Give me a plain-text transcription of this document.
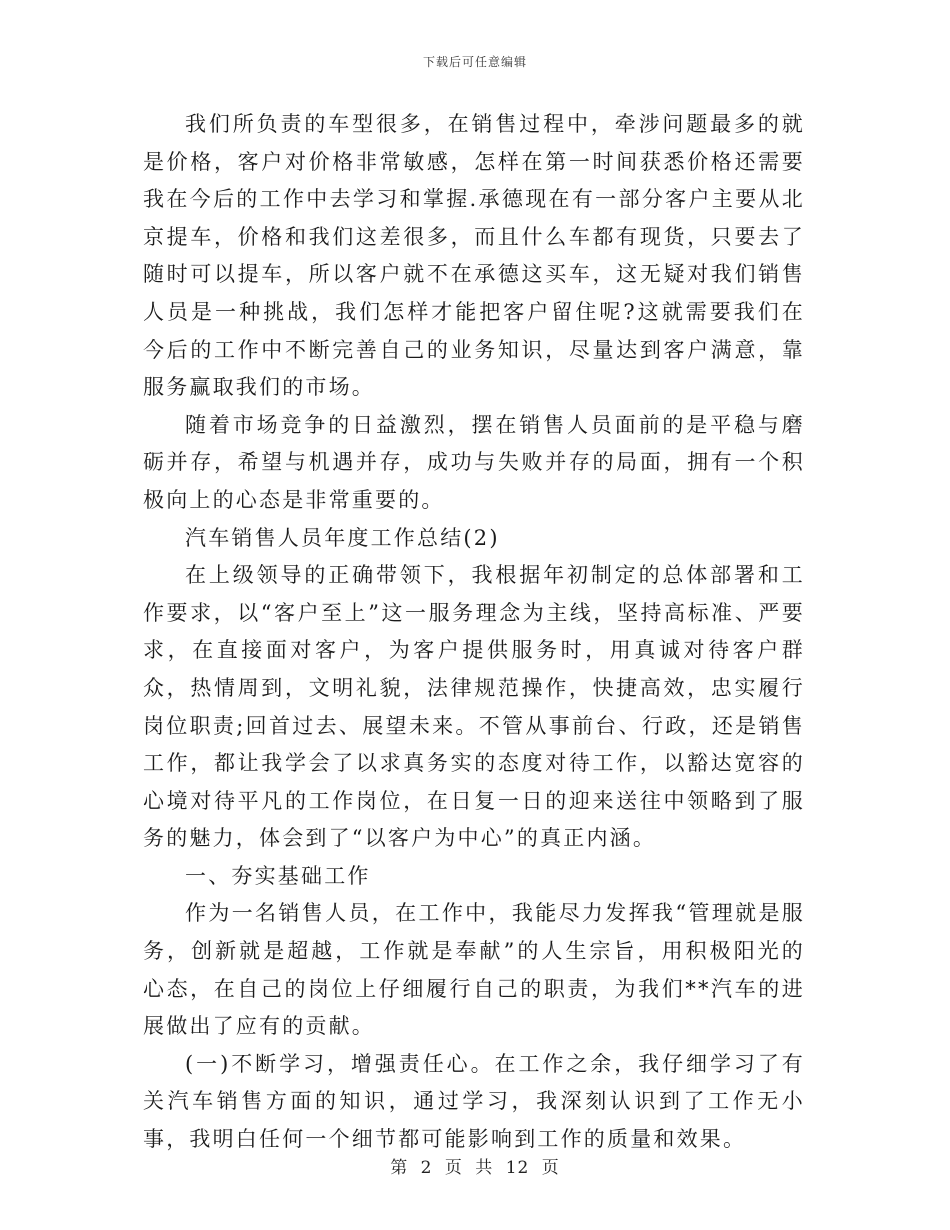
下载后可任意编辑

我们所负责的车型很多，在销售过程中，牵涉问题最多的就是价格，客户对价格非常敏感，怎样在第一时间获悉价格还需要我在今后的工作中去学习和掌握.承德现在有一部分客户主要从北京提车，价格和我们这差很多，而且什么车都有现货，只要去了随时可以提车，所以客户就不在承德这买车，这无疑对我们销售人员是一种挑战，我们怎样才能把客户留住呢?这就需要我们在今后的工作中不断完善自己的业务知识，尽量达到客户满意，靠服务赢取我们的市场。

随着市场竞争的日益激烈，摆在销售人员面前的是平稳与磨砺并存，希望与机遇并存，成功与失败并存的局面，拥有一个积极向上的心态是非常重要的。

汽车销售人员年度工作总结(2)

在上级领导的正确带领下，我根据年初制定的总体部署和工作要求，以“客户至上”这一服务理念为主线，坚持高标准、严要求，在直接面对客户，为客户提供服务时，用真诚对待客户群众，热情周到，文明礼貌，法律规范操作，快捷高效，忠实履行岗位职责;回首过去、展望未来。不管从事前台、行政，还是销售工作，都让我学会了以求真务实的态度对待工作，以豁达宽容的心境对待平凡的工作岗位，在日复一日的迎来送往中领略到了服务的魅力，体会到了“以客户为中心”的真正内涵。

一、夯实基础工作

作为一名销售人员，在工作中，我能尽力发挥我“管理就是服务，创新就是超越，工作就是奉献”的人生宗旨，用积极阳光的心态，在自己的岗位上仔细履行自己的职责，为我们**汽车的进展做出了应有的贡献。

(一)不断学习，增强责任心。在工作之余，我仔细学习了有关汽车销售方面的知识，通过学习，我深刻认识到了工作无小事，我明白任何一个细节都可能影响到工作的质量和效果。

第 2 页 共 12 页
